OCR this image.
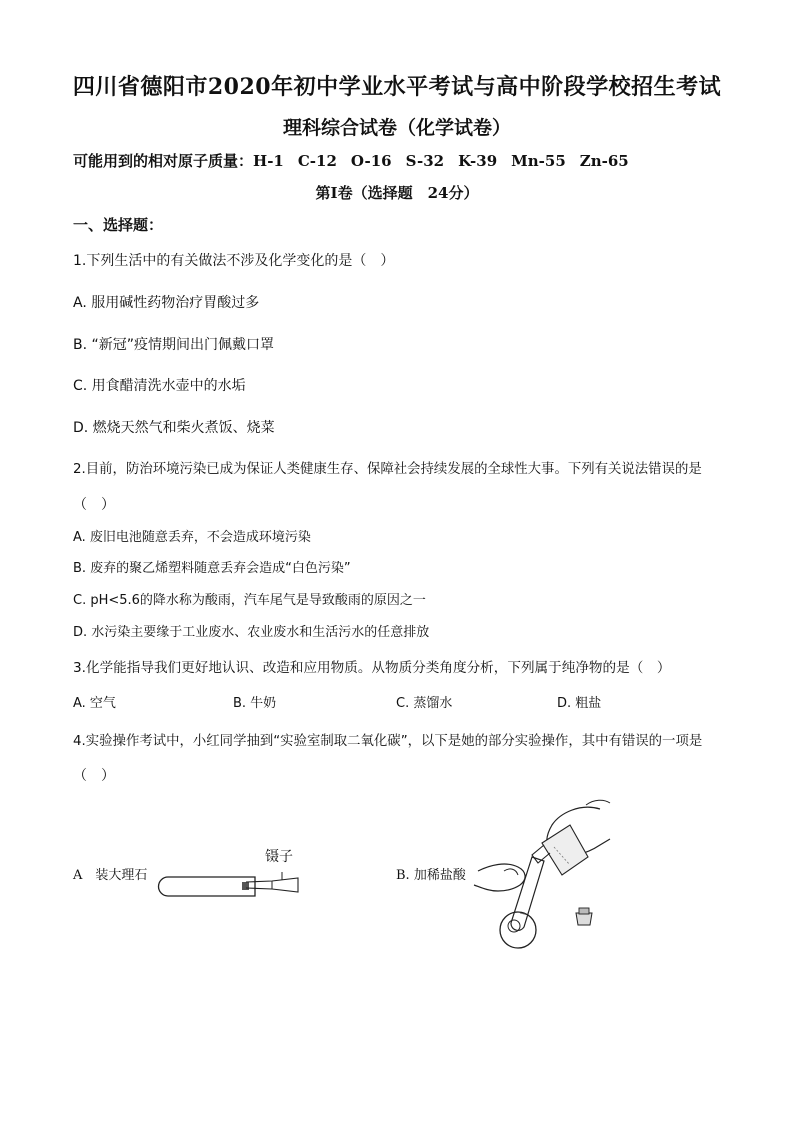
四川省德阳市2020年初中学业水平考试与高中阶段学校招生考试
理科综合试卷（化学试卷）
可能用到的相对原子质量：H-1 C-12 O-16 S-32 K-39 Mn-55 Zn-65
第Ⅰ卷（选择题　24分）
一、选择题：
1.下列生活中的有关做法不涉及化学变化的是（　）
A. 服用碱性药物治疗胃酸过多
B. “新冠”疫情期间出门佩戴口罩
C. 用食醋清洗水壶中的水垢
D. 燃烧天然气和柴火煮饭、烧菜
2.目前，防治环境污染已成为保证人类健康生存、保障社会持续发展的全球性大事。下列有关说法错误的是
（　）
A. 废旧电池随意丢弃，不会造成环境污染
B. 废弃的聚乙烯塑料随意丢弃会造成“白色污染”
C. pH<5.6的降水称为酸雨，汽车尾气是导致酸雨的原因之一
D. 水污染主要缘于工业废水、农业废水和生活污水的任意排放
3.化学能指导我们更好地认识、改造和应用物质。从物质分类角度分析，下列属于纯净物的是（　）
A. 空气	B. 牛奶	C. 蒸馏水	D. 粗盐
4.实验操作考试中，小红同学抽到“实验室制取二氧化碳”，以下是她的部分实验操作，其中有错误的一项是
（　）
A　装大理石
镊子
B. 加稀盐酸
